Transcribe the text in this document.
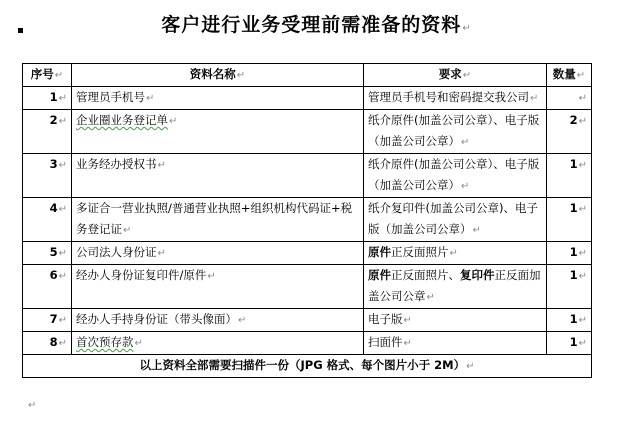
客户进行业务受理前需准备的资料↵
序号↵	资料名称↵	要求↵	数量↵
1↵	管理员手机号↵	管理员手机号和密码提交我公司↵	↵
2↵	企业圈业务登记单↵	纸介原件(加盖公司公章）、电子版（加盖公司公章）↵	2↵
3↵	业务经办授权书↵	纸介原件(加盖公司公章）、电子版（加盖公司公章）↵	1↵
4↵	多证合一营业执照/普通营业执照+组织机构代码证+税务登记证↵	纸介复印件(加盖公司公章)、电子版（加盖公司公章）↵	1↵
5↵	公司法人身份证↵	原件正反面照片↵	1↵
6↵	经办人身份证复印件/原件↵	原件正反面照片、复印件正反面加盖公司公章↵	1↵
7↵	经办人手持身份证（带头像面）↵	电子版↵	1↵
8↵	首次预存款↵	扫面件↵	1↵
以上资料全部需要扫描件一份（JPG 格式、每个图片小于 2M）↵			
↵
